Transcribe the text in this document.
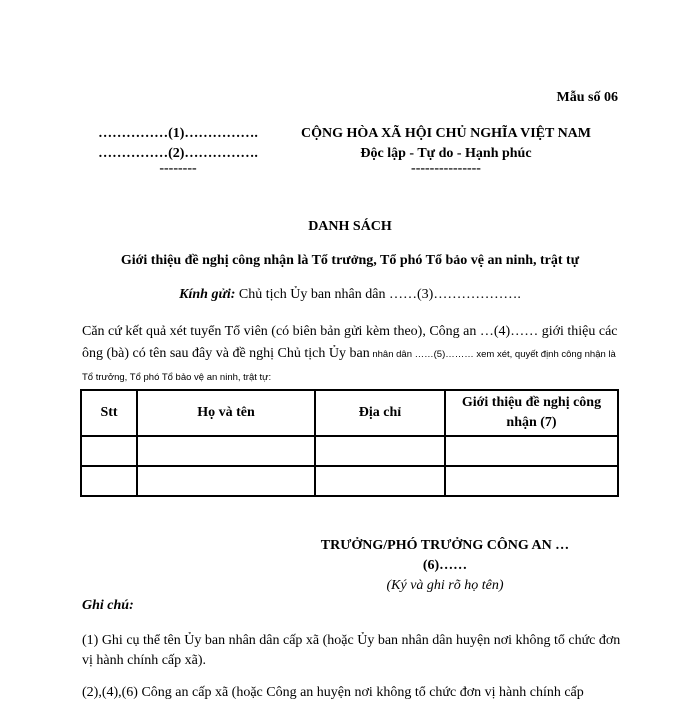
Mẫu số 06
……………(1)…………….
……………(2)…………….
--------
CỘNG HÒA XÃ HỘI CHỦ NGHĨA VIỆT NAM
Độc lập - Tự do - Hạnh phúc
---------------
DANH SÁCH
Giới thiệu đề nghị công nhận là Tổ trưởng, Tổ phó Tổ bảo vệ an ninh, trật tự
Kính gửi: Chủ tịch Ủy ban nhân dân ……(3)……………….
Căn cứ kết quả xét tuyển Tổ viên (có biên bản gửi kèm theo), Công an …(4)…… giới thiệu các ông (bà) có tên sau đây và đề nghị Chủ tịch Ủy ban nhân dân ……(5)……… xem xét, quyết định công nhận là Tổ trưởng, Tổ phó Tổ bảo vệ an ninh, trật tự:
Stt	Họ và tên	Địa chỉ	Giới thiệu đề nghị công nhận (7)

TRƯỞNG/PHÓ TRƯỞNG CÔNG AN …
(6)……
(Ký và ghi rõ họ tên)
Ghi chú:
(1) Ghi cụ thể tên Ủy ban nhân dân cấp xã (hoặc Ủy ban nhân dân huyện nơi không tổ chức đơn vị hành chính cấp xã).
(2),(4),(6) Công an cấp xã (hoặc Công an huyện nơi không tổ chức đơn vị hành chính cấp
